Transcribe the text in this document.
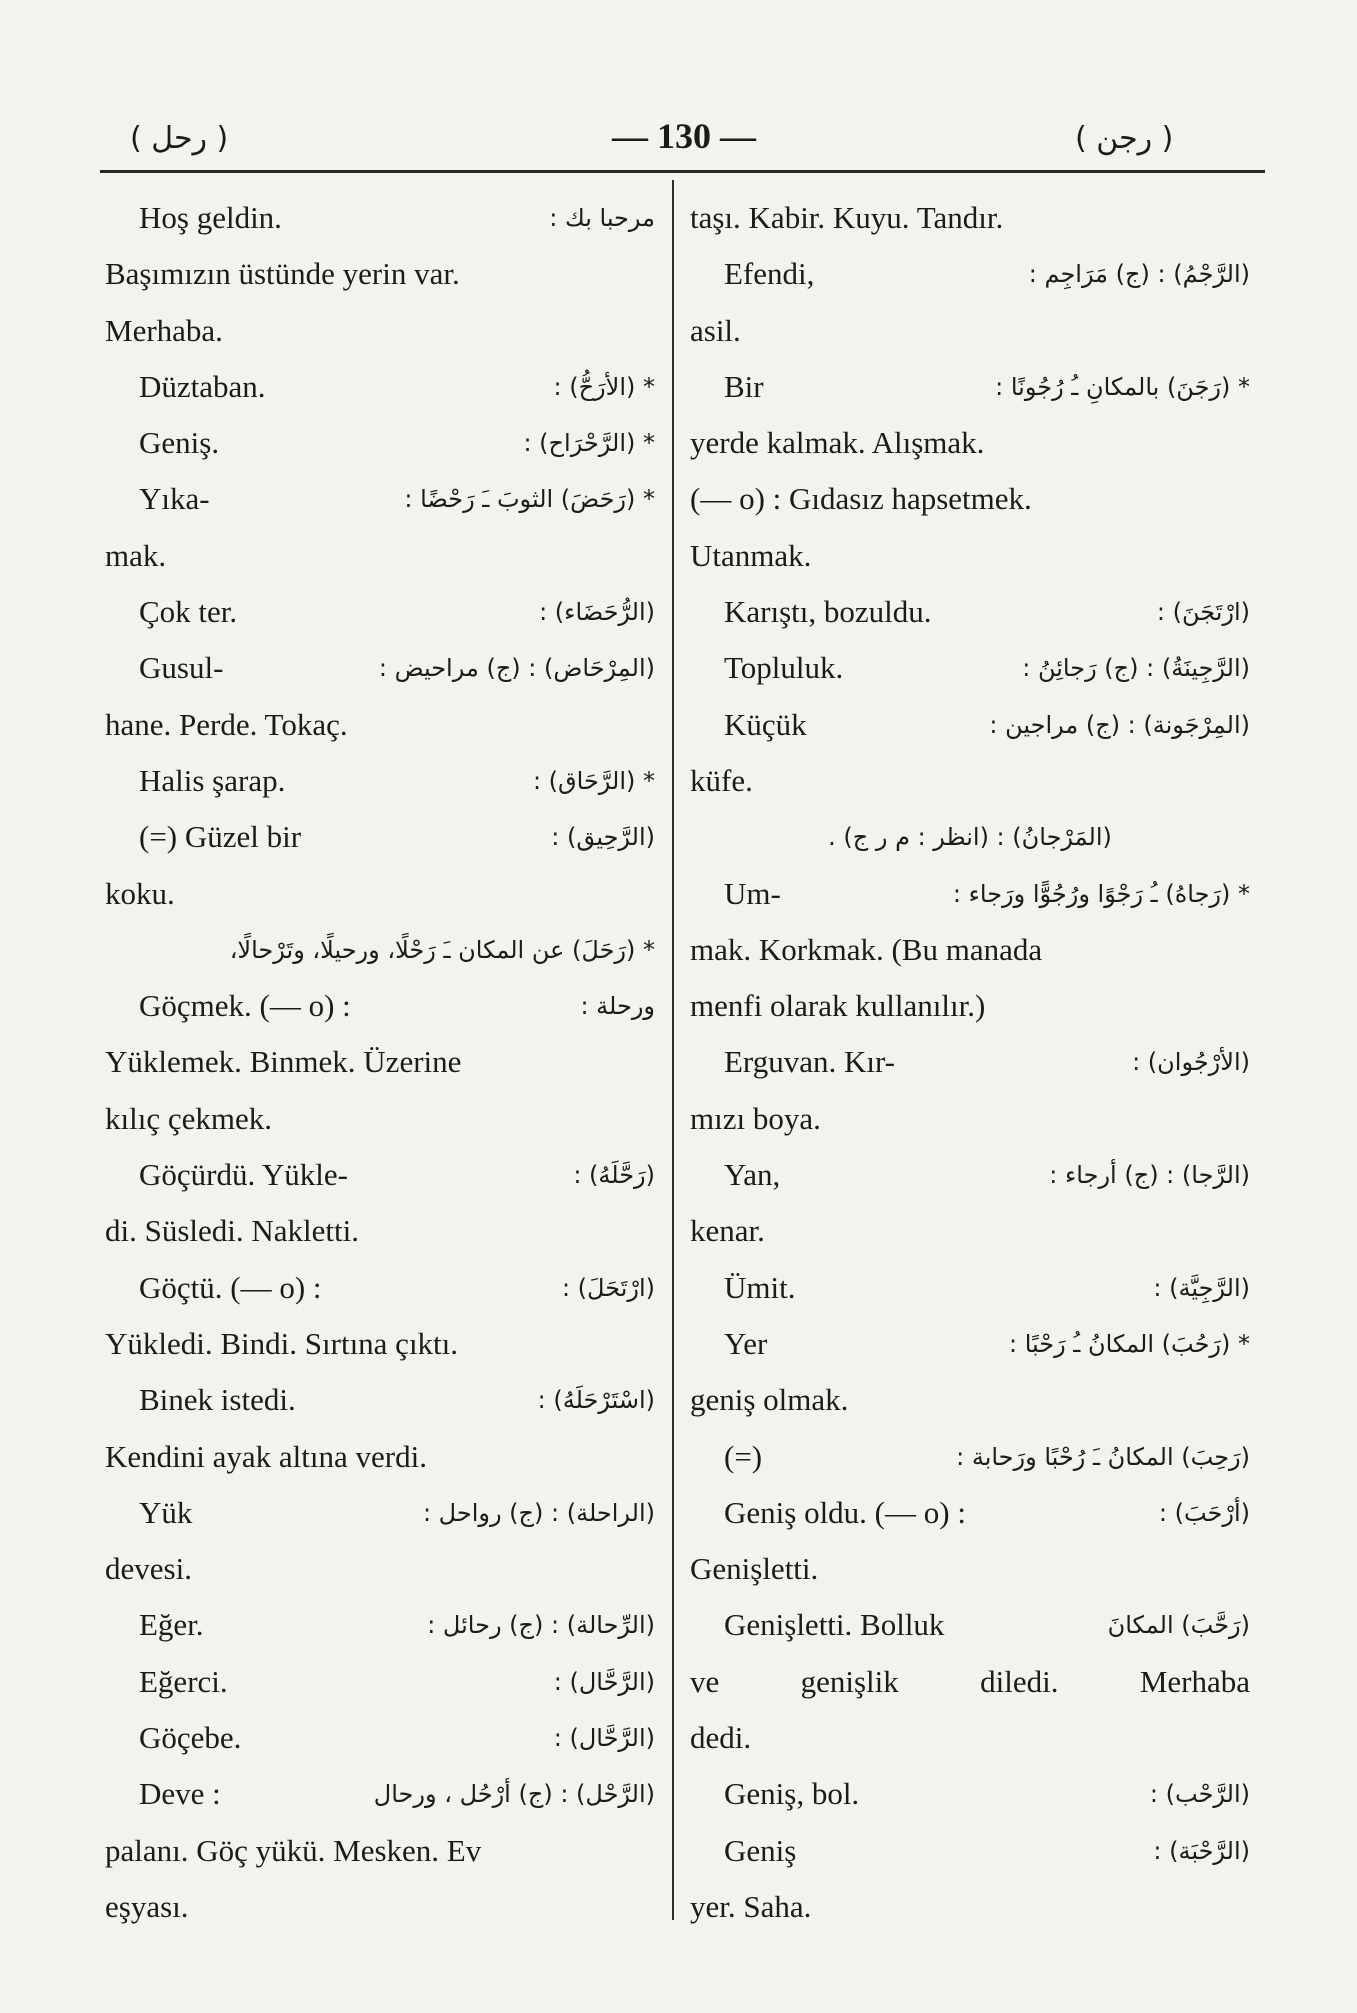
( رحل )	— 130 —	( رجن )
Hoş geldin.	مرحبا بك :
Başımızın üstünde yerin var.
Merhaba.
Düztaban.	* (الأرَحُّ) :
Geniş.	* (الرَّحْرَاح) :
Yıka-	* (رَحَضَ) الثوبَ ـَ رَحْضًا :
mak.
Çok ter.	(الرُّحَضَاء) :
Gusul-	(المِرْحَاض) : (ج) مراحيض :
hane. Perde. Tokaç.
Halis şarap.	* (الرَّحَاق) :
(=) Güzel bir	(الرَّحِيق) :
koku.
* (رَحَلَ) عن المكان ـَ رَحْلًا، ورحيلًا، وتَرْحالًا،
Göçmek. (— o) :	ورحلة :
Yüklemek. Binmek. Üzerine
kılıç çekmek.
Göçürdü. Yükle-	(رَحَّلَهُ) :
di. Süsledi. Nakletti.
Göçtü. (— o) :	(ارْتَحَلَ) :
Yükledi. Bindi. Sırtına çıktı.
Binek istedi.	(اسْتَرْحَلَهُ) :
Kendini ayak altına verdi.
Yük	(الراحلة) : (ج) رواحل :
devesi.
Eğer.	(الرِّحالة) : (ج) رحائل :
Eğerci.	(الرَّحَّال) :
Göçebe.	(الرَّحَّال) :
Deve :	(الرَّحْل) : (ج) أرْحُل ، ورحال
palanı. Göç yükü. Mesken. Ev
eşyası.
taşı. Kabir. Kuyu. Tandır.
Efendi,	(الرَّجْمُ) : (ج) مَرَاجِم :
asil.
Bir	* (رَجَنَ) بالمكانِ ـُ رُجُونًا :
yerde kalmak. Alışmak.
(— o) : Gıdasız hapsetmek.
Utanmak.
Karıştı, bozuldu.	(ارْتَجَنَ) :
Topluluk.	(الرَّجِينَةُ) : (ج) رَجائِنُ :
Küçük	(المِرْجَونة) : (ج) مراجين :
küfe.
(المَرْجانُ) : (انظر : م ر ج) .
Um-	* (رَجاهُ) ـُ رَجْوًا ورُجُوًّا ورَجاء :
mak. Korkmak. (Bu manada
menfi olarak kullanılır.)
Erguvan. Kır-	(الأرْجُوان) :
mızı boya.
Yan,	(الرَّجا) : (ج) أرجاء :
kenar.
Ümit.	(الرَّجِيَّة) :
Yer	* (رَحُبَ) المكانُ ـُ رَحْبًا :
geniş olmak.
(=)	(رَحِبَ) المكانُ ـَ رُحْبًا ورَحابة :
Geniş oldu. (— o) :	(أرْحَبَ) :
Genişletti.
Genişletti. Bolluk	(رَحَّبَ) المكانَ
ve genişlik diledi. Merhaba
dedi.
Geniş, bol.	(الرَّحْب) :
Geniş	(الرَّحْبَة) :
yer. Saha.
